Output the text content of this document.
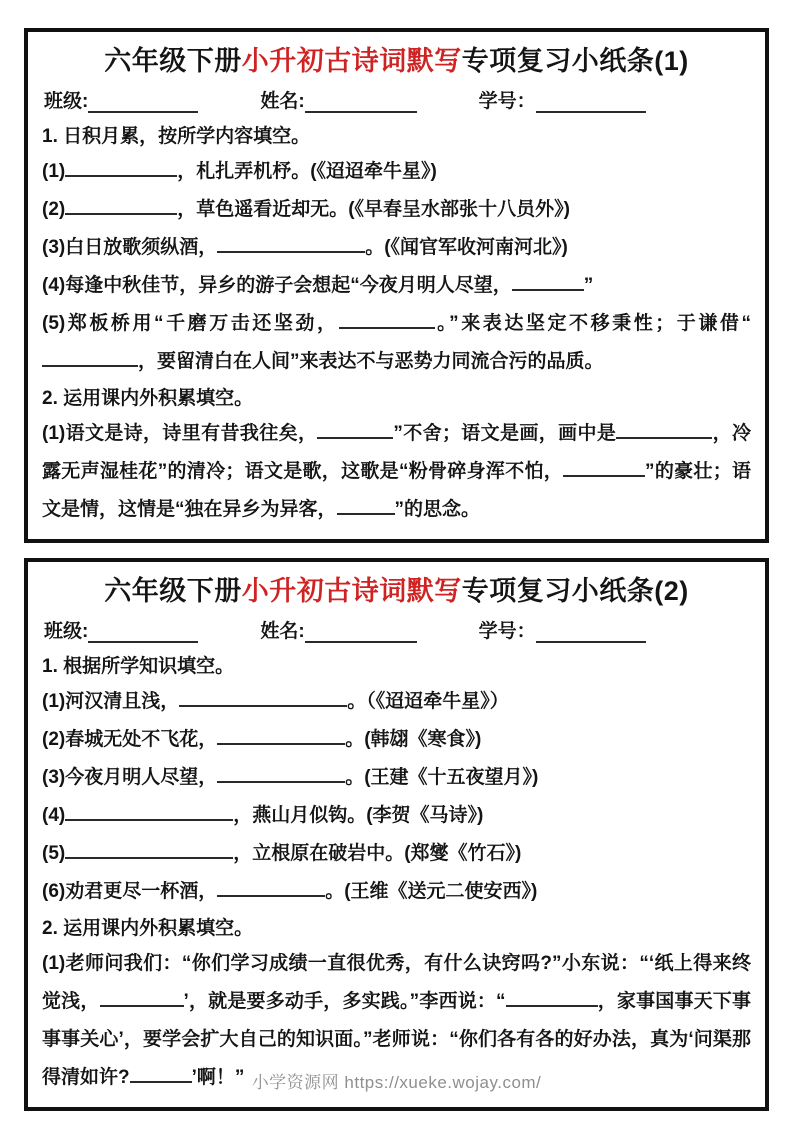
六年级下册小升初古诗词默写专项复习小纸条(1)
班级:	姓名:	学号：
1. 日积月累，按所学内容填空。
(1)	，札扎弄机杼。(《迢迢牵牛星》)
(2)	，草色遥看近却无。(《早春呈水部张十八员外》)
(3)白日放歌须纵酒，	。(《闻官军收河南河北》)
(4)每逢中秋佳节，异乡的游子会想起“今夜月明人尽望，	”
(5)郑板桥用“千磨万击还坚劲，	。”来表达坚定不移秉性；于谦借“，要留清白在人间”来表达不与恶势力同流合污的品质。
2. 运用课内外积累填空。
(1)语文是诗，诗里有昔我往矣，	”不舍；语文是画，画中是	，冷露无声湿桂花”的清冷；语文是歌，这歌是“粉骨碎身浑不怕，	”的豪壮；语文是情，这情是“独在异乡为异客，	”的思念。
六年级下册小升初古诗词默写专项复习小纸条(2)
班级:	姓名:	学号：
1. 根据所学知识填空。
(1)河汉清且浅，	。（《迢迢牵牛星》）
(2)春城无处不飞花，	。(韩翃《寒食》)
(3)今夜月明人尽望，	。(王建《十五夜望月》)
(4)	，燕山月似钩。(李贺《马诗》)
(5)	，立根原在破岩中。(郑燮《竹石》)
(6)劝君更尽一杯酒，	。(王维《送元二使安西》)
2. 运用课内外积累填空。
(1)老师问我们：“你们学习成绩一直很优秀，有什么诀窍吗?”小东说：“‘纸上得来终觉浅，	’，就是要多动手，多实践。”李西说：“	，家事国事天下事事事关心’，要学会扩大自己的知识面。”老师说：“你们各有各的好办法，真为‘问渠那得清如许?	’啊！” 小学资源网 https://xueke.wojay.com/
